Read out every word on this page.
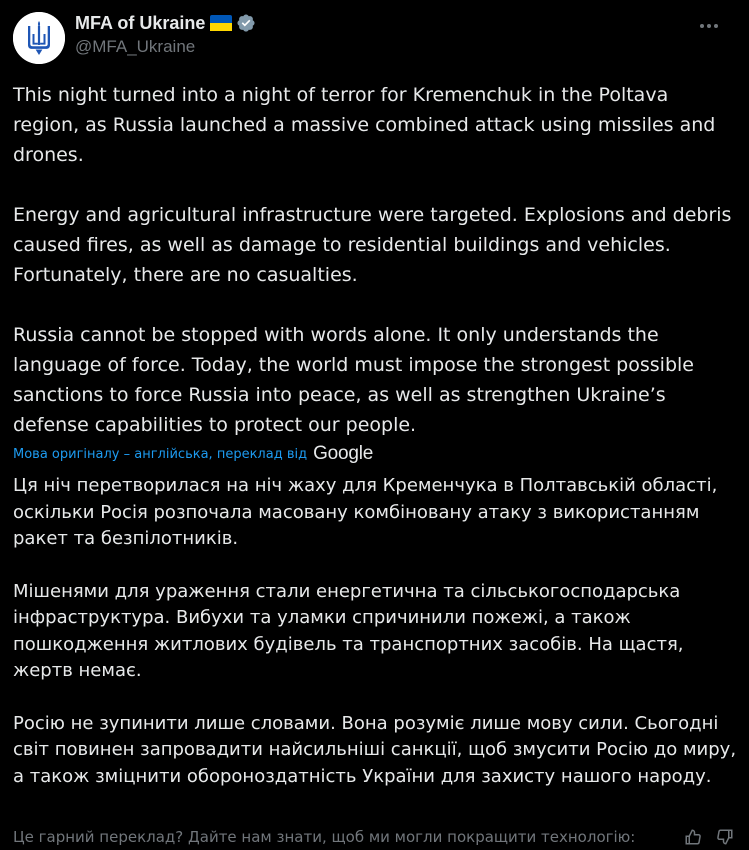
MFA of Ukraine
@MFA_Ukraine

This night turned into a night of terror for Kremenchuk in the Poltava region, as Russia launched a massive combined attack using missiles and drones.

Energy and agricultural infrastructure were targeted. Explosions and debris caused fires, as well as damage to residential buildings and vehicles. Fortunately, there are no casualties.

Russia cannot be stopped with words alone. It only understands the language of force. Today, the world must impose the strongest possible sanctions to force Russia into peace, as well as strengthen Ukraine’s defense capabilities to protect our people.

Мова оригіналу – англійська, переклад від Google

Ця ніч перетворилася на ніч жаху для Кременчука в Полтавській області, оскільки Росія розпочала масовану комбіновану атаку з використанням ракет та безпілотників.

Мішенями для ураження стали енергетична та сільськогосподарська інфраструктура. Вибухи та уламки спричинили пожежі, а також пошкодження житлових будівель та транспортних засобів. На щастя, жертв немає.

Росію не зупинити лише словами. Вона розуміє лише мову сили. Сьогодні світ повинен запровадити найсильніші санкції, щоб змусити Росію до миру, а також зміцнити обороноздатність України для захисту нашого народу.

Це гарний переклад? Дайте нам знати, щоб ми могли покращити технологію:
